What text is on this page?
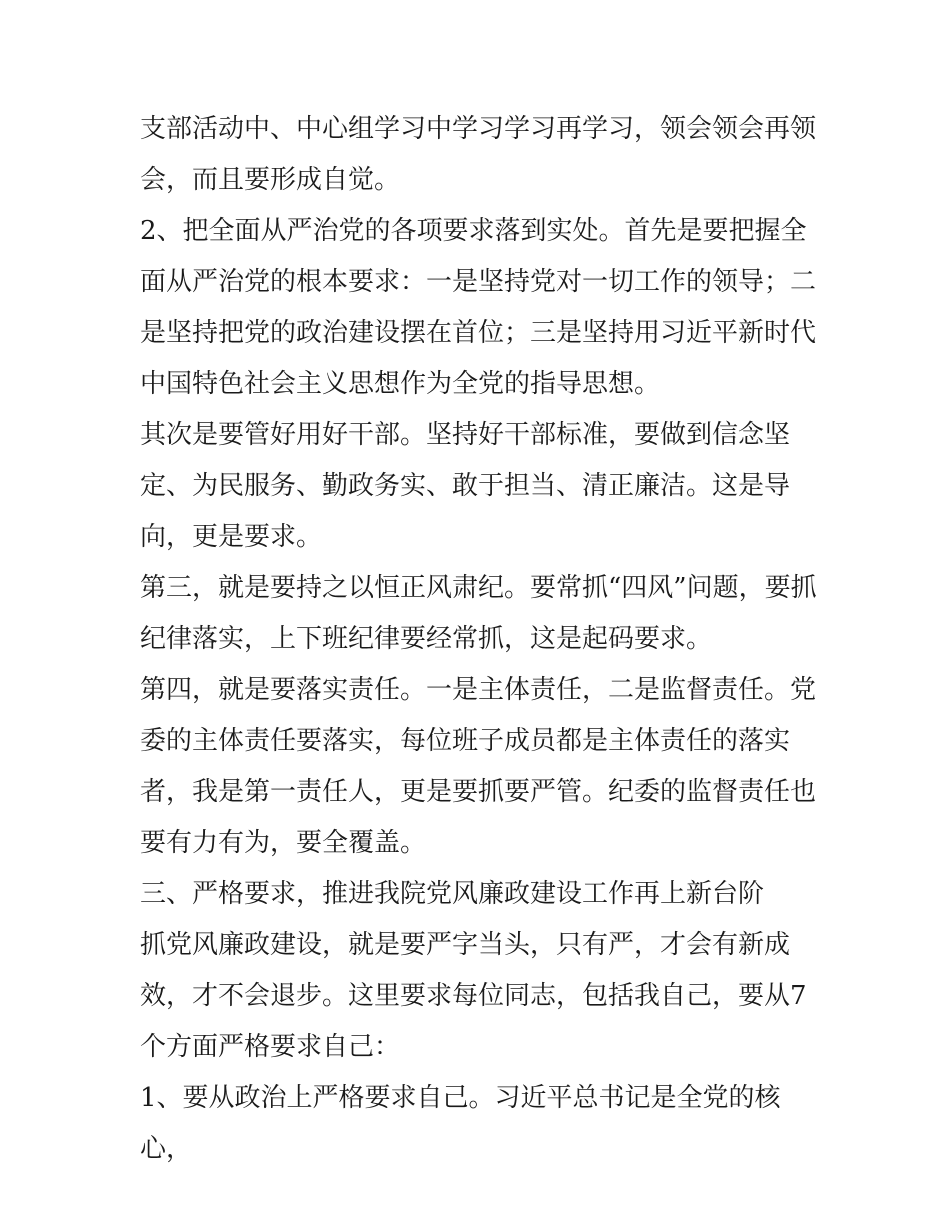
支部活动中、中心组学习中学习学习再学习，领会领会再领会，而且要形成自觉。

2、把全面从严治党的各项要求落到实处。首先是要把握全面从严治党的根本要求：一是坚持党对一切工作的领导；二是坚持把党的政治建设摆在首位；三是坚持用习近平新时代中国特色社会主义思想作为全党的指导思想。

其次是要管好用好干部。坚持好干部标准，要做到信念坚定、为民服务、勤政务实、敢于担当、清正廉洁。这是导向，更是要求。

第三，就是要持之以恒正风肃纪。要常抓“四风”问题，要抓纪律落实，上下班纪律要经常抓，这是起码要求。

第四，就是要落实责任。一是主体责任，二是监督责任。党委的主体责任要落实，每位班子成员都是主体责任的落实者，我是第一责任人，更是要抓要严管。纪委的监督责任也要有力有为，要全覆盖。

三、严格要求，推进我院党风廉政建设工作再上新台阶

抓党风廉政建设，就是要严字当头，只有严，才会有新成效，才不会退步。这里要求每位同志，包括我自己，要从7个方面严格要求自己：

1、要从政治上严格要求自己。习近平总书记是全党的核心，
